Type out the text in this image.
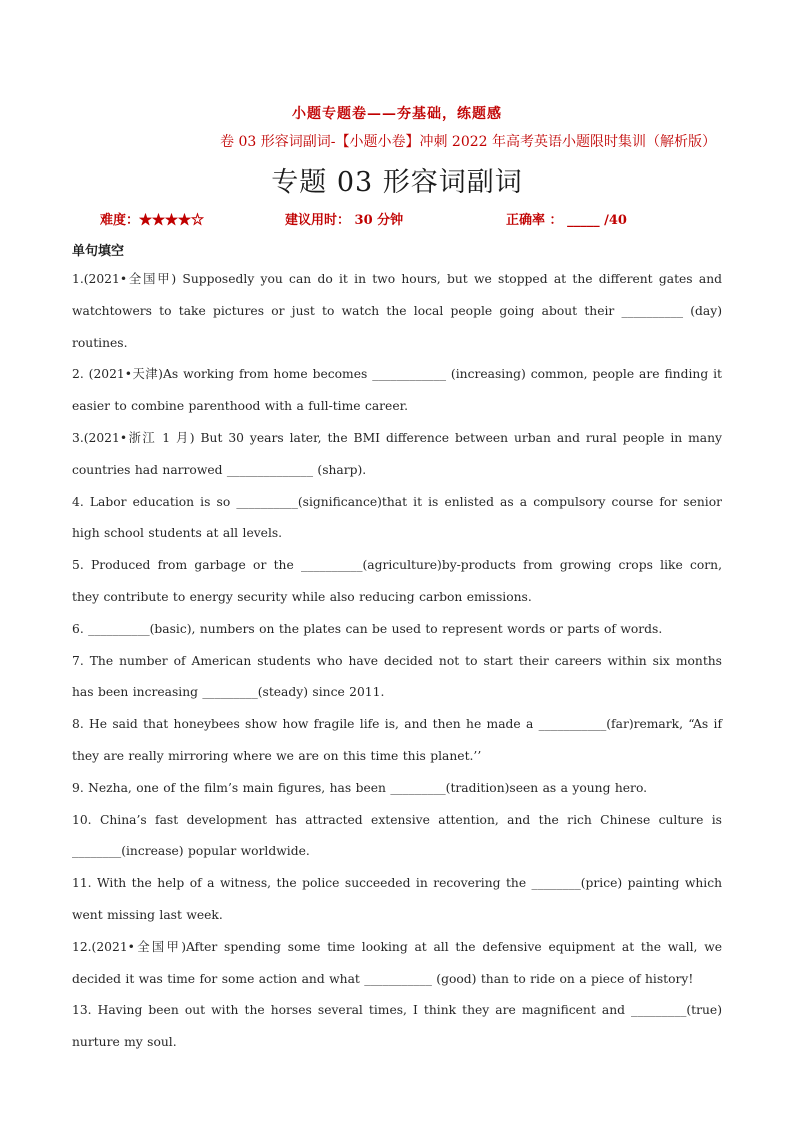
小题专题卷——夯基础，练题感
卷 03 形容词副词-【小题小卷】冲刺 2022 年高考英语小题限时集训（解析版）
专题 03 形容词副词
难度：★★★★☆	建议用时： 30 分钟	正确率 ： _____ /40
单句填空
1.(2021•全国甲) Supposedly you can do it in two hours, but we stopped at the different gates and watchtowers to take pictures or just to watch the local people going about their __________ (day) routines.
2. (2021•天津)As working from home becomes ____________ (increasing) common, people are finding it easier to combine parenthood with a full-time career.
3.(2021•浙江 1 月) But 30 years later, the BMI difference between urban and rural people in many countries had narrowed ______________ (sharp).
4. Labor education is so __________(significance)that it is enlisted as a compulsory course for senior high school students at all levels.
5. Produced from garbage or the __________(agriculture)by-products from growing crops like corn, they contribute to energy security while also reducing carbon emissions.
6. __________(basic), numbers on the plates can be used to represent words or parts of words.
7. The number of American students who have decided not to start their careers within six months has been increasing _________(steady) since 2011.
8. He said that honeybees show how fragile life is, and then he made a ___________(far)remark, “As if they are really mirroring where we are on this time this planet.’’
9. Nezha, one of the film’s main figures, has been _________(tradition)seen as a young hero.
10. China’s fast development has attracted extensive attention, and the rich Chinese culture is ________(increase) popular worldwide.
11. With the help of a witness, the police succeeded in recovering the ________(price) painting which went missing last week.
12.(2021•全国甲)After spending some time looking at all the defensive equipment at the wall, we decided it was time for some action and what ___________ (good) than to ride on a piece of history!
13. Having been out with the horses several times, I think they are magnificent and _________(true) nurture my soul.
